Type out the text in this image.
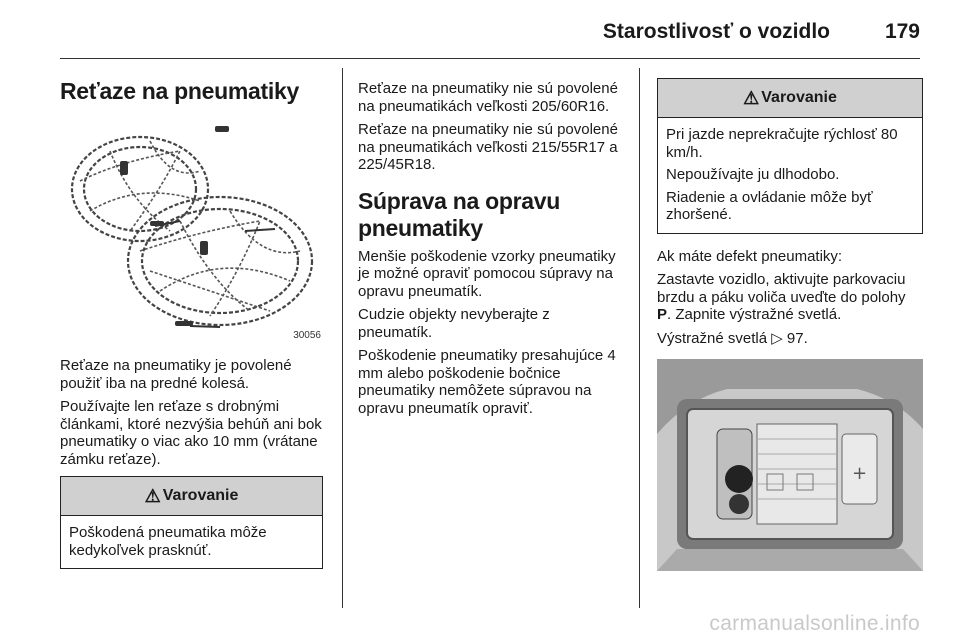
Starostlivosť o vozidlo	179
Reťaze na pneumatiky
30056

Reťaze na pneumatiky je povolené použiť iba na predné kolesá.

Používajte len reťaze s drobnými článkami, ktoré nezvýšia behúň ani bok pneumatiky o viac ako 10 mm (vrátane zámku reťaze).

⚠ Varovanie

Poškodená pneumatika môže kedykoľvek prasknúť.

Reťaze na pneumatiky nie sú povolené na pneumatikách veľkosti 205/60R16.

Reťaze na pneumatiky nie sú povolené na pneumatikách veľkosti 215/55R17 a 225/45R18.

Súprava na opravu pneumatiky

Menšie poškodenie vzorky pneumatiky je možné opraviť pomocou súpravy na opravu pneumatík.

Cudzie objekty nevyberajte z pneumatík.

Poškodenie pneumatiky presahujúce 4 mm alebo poškodenie bočnice pneumatiky nemôžete súpravou na opravu pneumatík opraviť.

⚠ Varovanie

Pri jazde neprekračujte rýchlosť 80 km/h.

Nepoužívajte ju dlhodobo.

Riadenie a ovládanie môže byť zhoršené.

Ak máte defekt pneumatiky:

Zastavte vozidlo, aktivujte parkovaciu brzdu a páku voliča uveďte do polohy P. Zapnite výstražné svetlá.

Výstražné svetlá ▷ 97.

+
carmanualsonline.info
